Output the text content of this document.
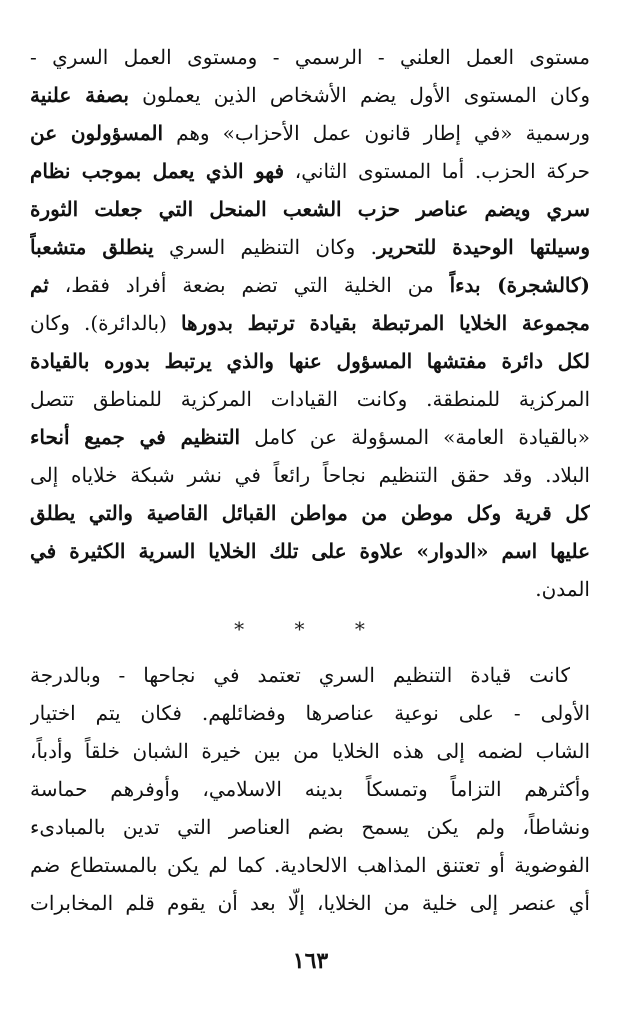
مستوى العمل العلني - الرسمي - ومستوى العمل السري -
وكان المستوى الأول يضم الأشخاص الذين يعملون بصفة علنية
ورسمية «في إطار قانون عمل الأحزاب» وهم المسؤولون عن
حركة الحزب. أما المستوى الثاني، فهو الذي يعمل بموجب نظام
سري ويضم عناصر حزب الشعب المنحل التي جعلت الثورة
وسيلتها الوحيدة للتحرير. وكان التنظيم السري ينطلق متشعباً
(كالشجرة) بدءاً من الخلية التي تضم بضعة أفراد فقط، ثم
مجموعة الخلايا المرتبطة بقيادة ترتبط بدورها (بالدائرة). وكان
لكل دائرة مفتشها المسؤول عنها والذي يرتبط بدوره بالقيادة
المركزية للمنطقة. وكانت القيادات المركزية للمناطق تتصل
«بالقيادة العامة» المسؤولة عن كامل التنظيم في جميع أنحاء
البلاد. وقد حقق التنظيم نجاحاً رائعاً في نشر شبكة خلاياه إلى
كل قرية وكل موطن من مواطن القبائل القاصية والتي يطلق
عليها اسم «الدوار» علاوة على تلك الخلايا السرية الكثيرة في
المدن.
* * *
كانت قيادة التنظيم السري تعتمد في نجاحها - وبالدرجة
الأولى - على نوعية عناصرها وفضائلهم. فكان يتم اختيار
الشاب لضمه إلى هذه الخلايا من بين خيرة الشبان خلقاً وأدباً،
وأكثرهم التزاماً وتمسكاً بدينه الاسلامي، وأوفرهم حماسة
ونشاطاً، ولم يكن يسمح بضم العناصر التي تدين بالمبادىء
الفوضوية أو تعتنق المذاهب الالحادية. كما لم يكن بالمستطاع ضم
أي عنصر إلى خلية من الخلايا، إلّا بعد أن يقوم قلم المخابرات
١٦٣
